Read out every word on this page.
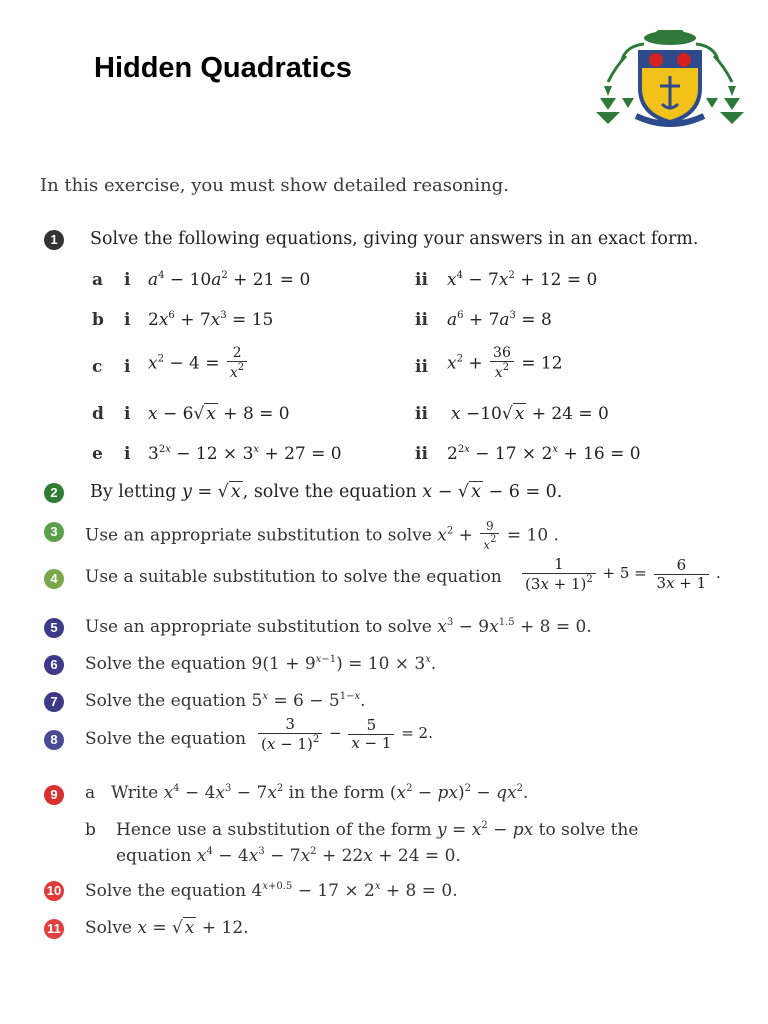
Hidden Quadratics
In this exercise, you must show detailed reasoning.
1	Solve the following equations, giving your answers in an exact form.
a i $a^4 - 10a^2 + 21 = 0$	ii $x^4 - 7x^2 + 12 = 0$
b i $2x^6 + 7x^3 = 15$	ii $a^6 + 7a^3 = 8$
c i $x^2 - 4 = \frac{2}{x^2}$	ii $x^2 + \frac{36}{x^2} = 12$
d i x − 6√ x + 8 = 0	ii x −10√ x + 24 = 0
e i $3^{2x} - 12 \times 3^x + 27 = 0$	ii $2^{2x} - 17 \times 2^x + 16 = 0$
2	By letting y = √ x , solve the equation x − √ x − 6 = 0.
3	Use an appropriate substitution to solve $x^2 + \frac{9}{x^2} = 10$ .
4	Use a suitable substitution to solve the equation $\frac{1}{(3x + 1)^2} + 5 = \frac{6}{3x + 1}$ .
5	Use an appropriate substitution to solve $x^3 - 9x^{1.5} + 8 = 0$.
6	Solve the equation $9(1 + 9^{x-1}) = 10 \times 3^x$.
7	Solve the equation $5^x = 6 - 5^{1-x}$.
8	Solve the equation $\frac{3}{(x - 1)^2} - \frac{5}{x - 1} = 2$.
9	a Write $x^4 - 4x^3 - 7x^2$ in the form $(x^2 - px)^2 - qx^2$.
b Hence use a substitution of the form $y = x^2$ − px to solve the
equation $x^4 - 4x^3 - 7x^2 + 22x + 24 = 0$.
10 Solve the equation $4^{x+0.5} - 17 \times 2^x + 8 = 0$.
11 Solve x = √ x + 12.
